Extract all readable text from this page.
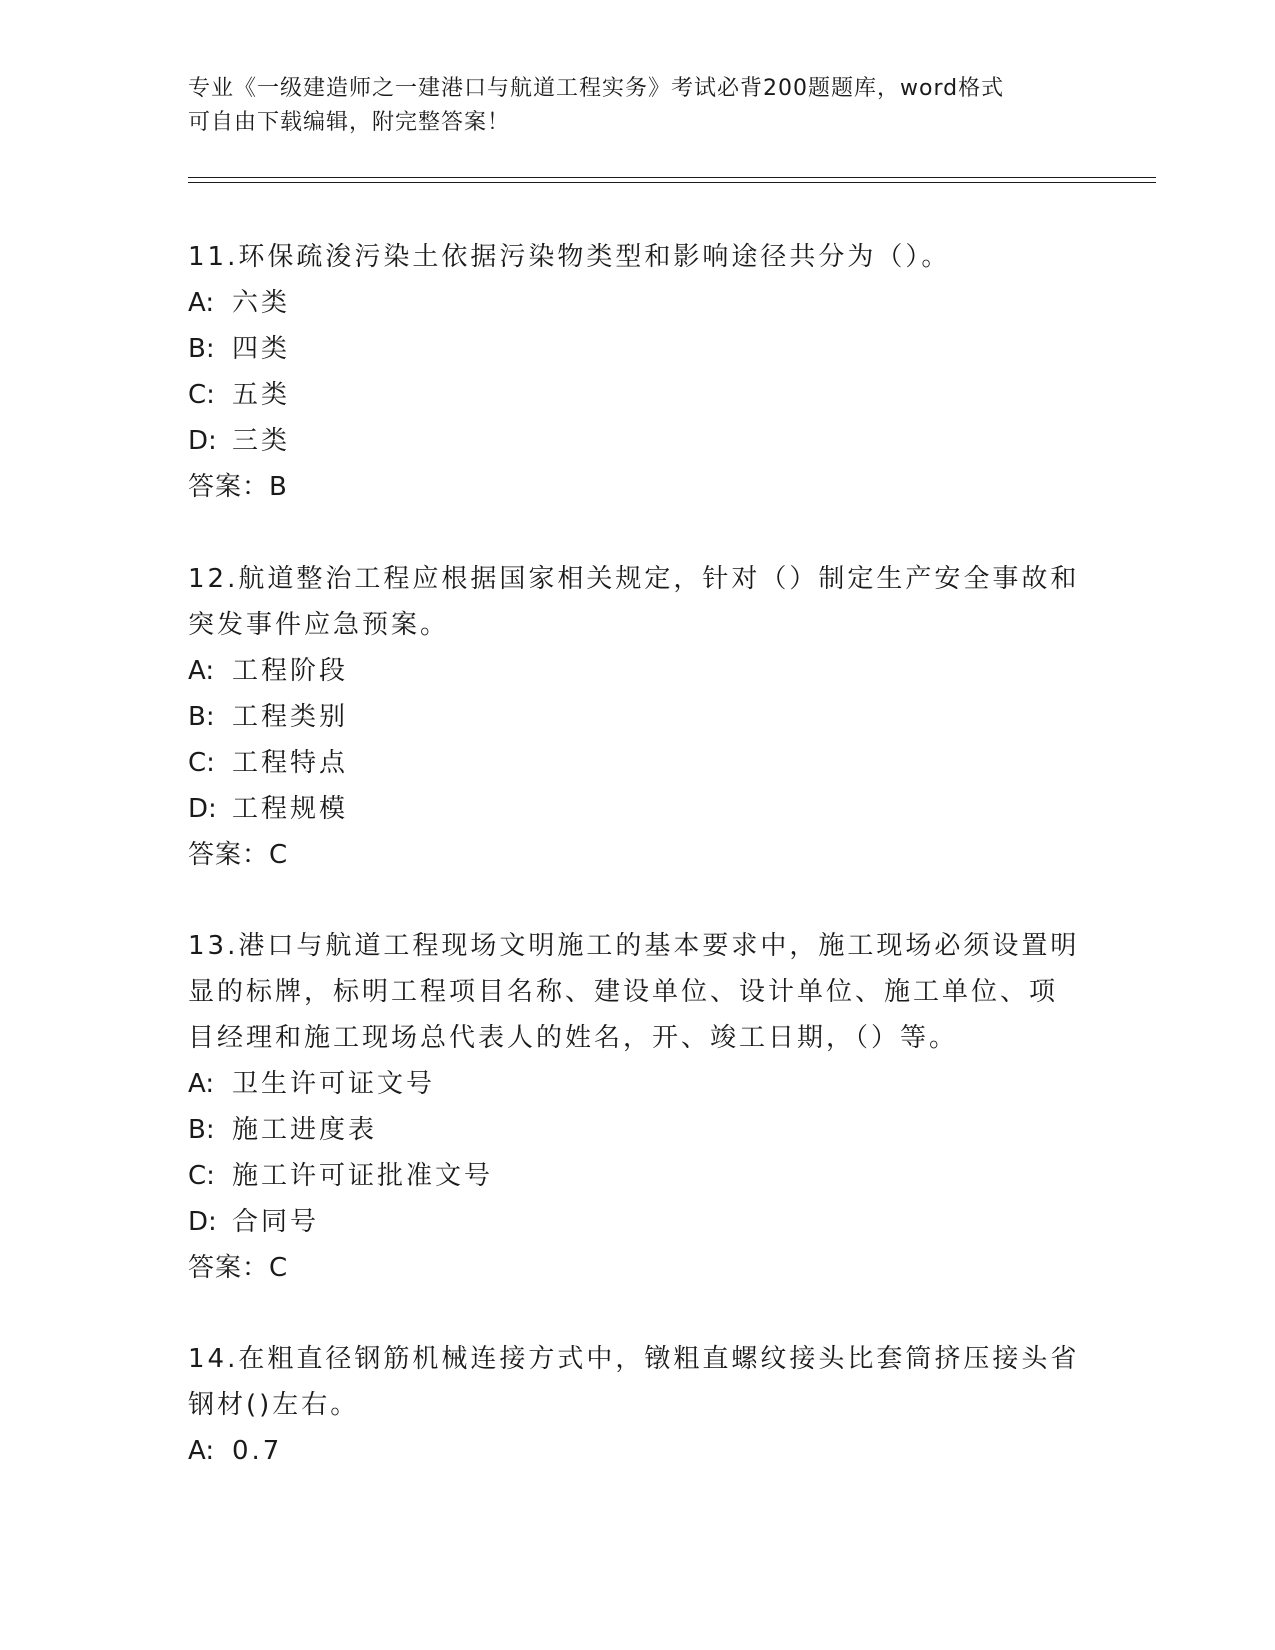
专业《一级建造师之一建港口与航道工程实务》考试必背200题题库，word格式
可自由下载编辑，附完整答案！

11.环保疏浚污染土依据污染物类型和影响途径共分为（）。

A: 六类

B: 四类

C: 五类

D: 三类

答案：B

12.航道整治工程应根据国家相关规定，针对（）制定生产安全事故和

突发事件应急预案。

A: 工程阶段

B: 工程类别

C: 工程特点

D: 工程规模

答案：C

13.港口与航道工程现场文明施工的基本要求中，施工现场必须设置明

显的标牌，标明工程项目名称、建设单位、设计单位、施工单位、项

目经理和施工现场总代表人的姓名，开、竣工日期，（）等。

A: 卫生许可证文号

B: 施工进度表

C: 施工许可证批准文号

D: 合同号

答案：C

14.在粗直径钢筋机械连接方式中，镦粗直螺纹接头比套筒挤压接头省

钢材()左右。

A: 0.7
